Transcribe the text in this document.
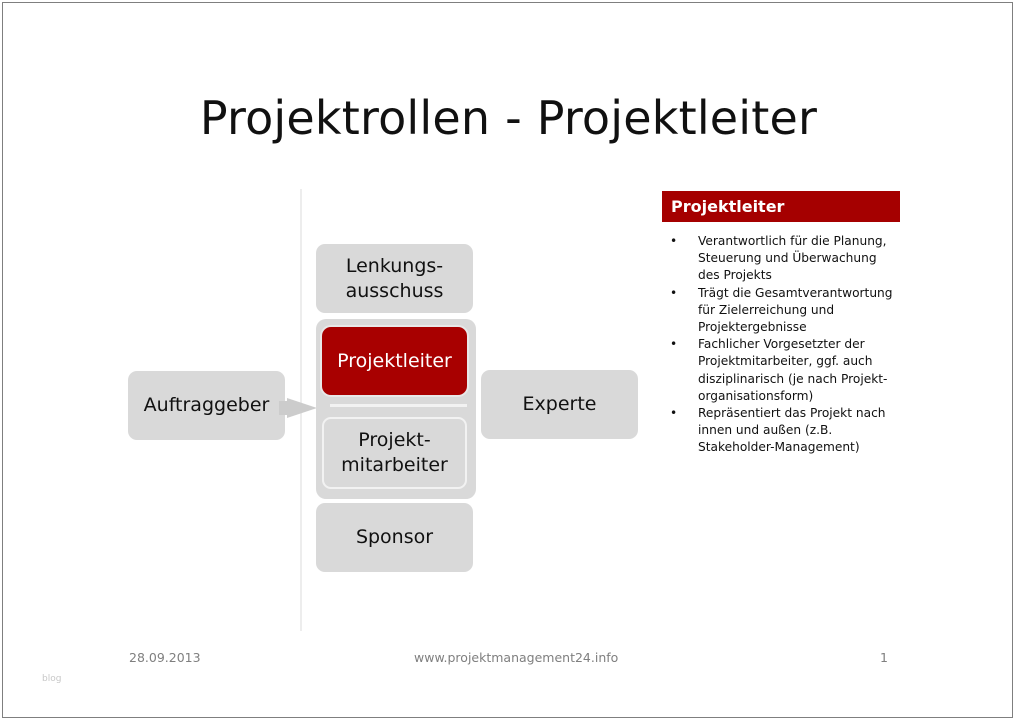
Projektrollen - Projektleiter
Auftraggeber
Lenkungs-
ausschuss
Projektleiter
Projekt-
mitarbeiter
Sponsor
Experte
Projektleiter
• Verantwortlich für die Planung,
Steuerung und Überwachung
des Projekts
• Trägt die Gesamtverantwortung
für Zielerreichung und
Projektergebnisse
• Fachlicher Vorgesetzter der
Projektmitarbeiter, ggf. auch
disziplinarisch (je nach Projekt-
organisationsform)
• Repräsentiert das Projekt nach
innen und außen (z.B.
Stakeholder-Management)
28.09.2013	www.projektmanagement24.info	1
blog
